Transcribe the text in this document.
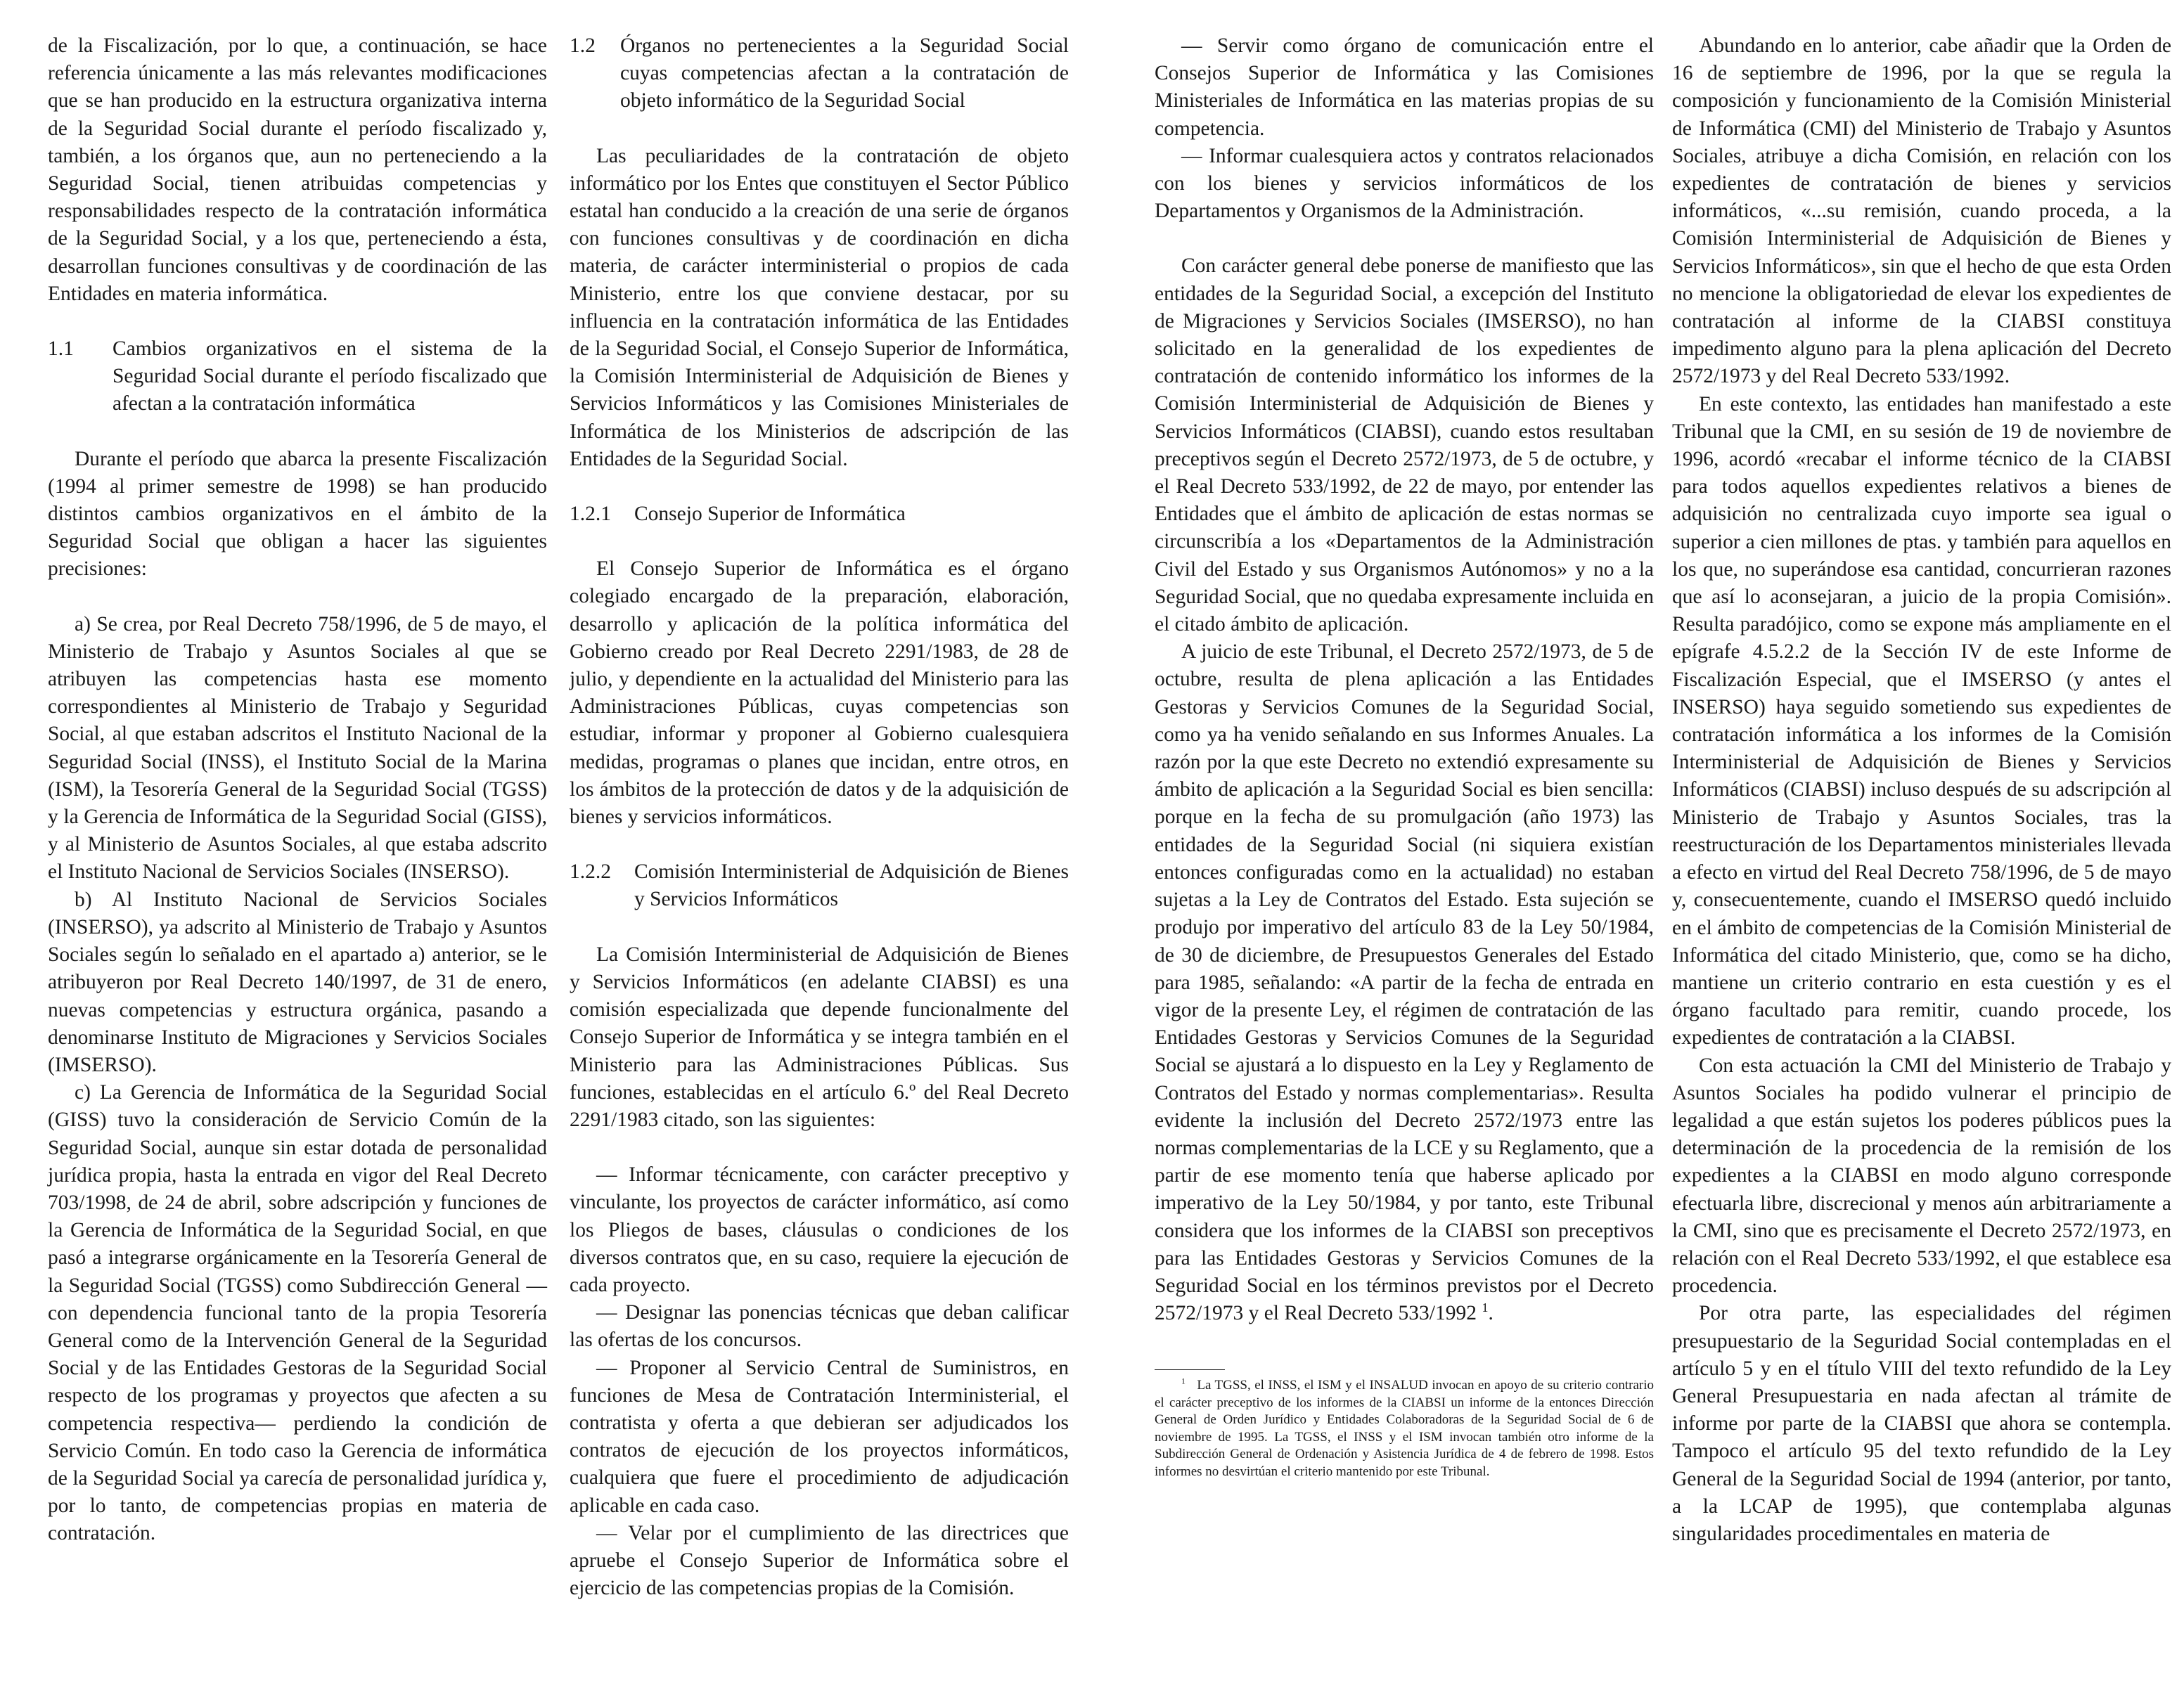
de la Fiscalización, por lo que, a continuación, se hace referencia únicamente a las más relevantes modificaciones que se han producido en la estructura organizativa interna de la Seguridad Social durante el período fiscalizado y, también, a los órganos que, aun no perteneciendo a la Seguridad Social, tienen atribuidas competencias y responsabilidades respecto de la contratación informática de la Seguridad Social, y a los que, perteneciendo a ésta, desarrollan funciones consultivas y de coordinación de las Entidades en materia informática.

1.1	Cambios organizativos en el sistema de la Seguridad Social durante el período fiscalizado que afectan a la contratación informática

Durante el período que abarca la presente Fiscalización (1994 al primer semestre de 1998) se han producido distintos cambios organizativos en el ámbito de la Seguridad Social que obligan a hacer las siguientes precisiones:

a) Se crea, por Real Decreto 758/1996, de 5 de mayo, el Ministerio de Trabajo y Asuntos Sociales al que se atribuyen las competencias hasta ese momento correspondientes al Ministerio de Trabajo y Seguridad Social, al que estaban adscritos el Instituto Nacional de la Seguridad Social (INSS), el Instituto Social de la Marina (ISM), la Tesorería General de la Seguridad Social (TGSS) y la Gerencia de Informática de la Seguridad Social (GISS), y al Ministerio de Asuntos Sociales, al que estaba adscrito el Instituto Nacional de Servicios Sociales (INSERSO).

b) Al Instituto Nacional de Servicios Sociales (INSERSO), ya adscrito al Ministerio de Trabajo y Asuntos Sociales según lo señalado en el apartado a) anterior, se le atribuyeron por Real Decreto 140/1997, de 31 de enero, nuevas competencias y estructura orgánica, pasando a denominarse Instituto de Migraciones y Servicios Sociales (IMSERSO).

c) La Gerencia de Informática de la Seguridad Social (GISS) tuvo la consideración de Servicio Común de la Seguridad Social, aunque sin estar dotada de personalidad jurídica propia, hasta la entrada en vigor del Real Decreto 703/1998, de 24 de abril, sobre adscripción y funciones de la Gerencia de Informática de la Seguridad Social, en que pasó a integrarse orgánicamente en la Tesorería General de la Seguridad Social (TGSS) como Subdirección General —con dependencia funcional tanto de la propia Tesorería General como de la Intervención General de la Seguridad Social y de las Entidades Gestoras de la Seguridad Social respecto de los programas y proyectos que afecten a su competencia respectiva— perdiendo la condición de Servicio Común. En todo caso la Gerencia de informática de la Seguridad Social ya carecía de personalidad jurídica y, por lo tanto, de competencias propias en materia de contratación.

1.2	Órganos no pertenecientes a la Seguridad Social cuyas competencias afectan a la contratación de objeto informático de la Seguridad Social

Las peculiaridades de la contratación de objeto informático por los Entes que constituyen el Sector Público estatal han conducido a la creación de una serie de órganos con funciones consultivas y de coordinación en dicha materia, de carácter interministerial o propios de cada Ministerio, entre los que conviene destacar, por su influencia en la contratación informática de las Entidades de la Seguridad Social, el Consejo Superior de Informática, la Comisión Interministerial de Adquisición de Bienes y Servicios Informáticos y las Comisiones Ministeriales de Informática de los Ministerios de adscripción de las Entidades de la Seguridad Social.

1.2.1	Consejo Superior de Informática

El Consejo Superior de Informática es el órgano colegiado encargado de la preparación, elaboración, desarrollo y aplicación de la política informática del Gobierno creado por Real Decreto 2291/1983, de 28 de julio, y dependiente en la actualidad del Ministerio para las Administraciones Públicas, cuyas competencias son estudiar, informar y proponer al Gobierno cualesquiera medidas, programas o planes que incidan, entre otros, en los ámbitos de la protección de datos y de la adquisición de bienes y servicios informáticos.

1.2.2	Comisión Interministerial de Adquisición de Bienes y Servicios Informáticos

La Comisión Interministerial de Adquisición de Bienes y Servicios Informáticos (en adelante CIABSI) es una comisión especializada que depende funcionalmente del Consejo Superior de Informática y se integra también en el Ministerio para las Administraciones Públicas. Sus funciones, establecidas en el artículo 6.º del Real Decreto 2291/1983 citado, son las siguientes:

— Informar técnicamente, con carácter preceptivo y vinculante, los proyectos de carácter informático, así como los Pliegos de bases, cláusulas o condiciones de los diversos contratos que, en su caso, requiere la ejecución de cada proyecto.

— Designar las ponencias técnicas que deban calificar las ofertas de los concursos.

— Proponer al Servicio Central de Suministros, en funciones de Mesa de Contratación Interministerial, el contratista y oferta a que debieran ser adjudicados los contratos de ejecución de los proyectos informáticos, cualquiera que fuere el procedimiento de adjudicación aplicable en cada caso.

— Velar por el cumplimiento de las directrices que apruebe el Consejo Superior de Informática sobre el ejercicio de las competencias propias de la Comisión.

— Servir como órgano de comunicación entre el Consejos Superior de Informática y las Comisiones Ministeriales de Informática en las materias propias de su competencia.

— Informar cualesquiera actos y contratos relacionados con los bienes y servicios informáticos de los Departamentos y Organismos de la Administración.

Con carácter general debe ponerse de manifiesto que las entidades de la Seguridad Social, a excepción del Instituto de Migraciones y Servicios Sociales (IMSERSO), no han solicitado en la generalidad de los expedientes de contratación de contenido informático los informes de la Comisión Interministerial de Adquisición de Bienes y Servicios Informáticos (CIABSI), cuando estos resultaban preceptivos según el Decreto 2572/1973, de 5 de octubre, y el Real Decreto 533/1992, de 22 de mayo, por entender las Entidades que el ámbito de aplicación de estas normas se circunscribía a los «Departamentos de la Administración Civil del Estado y sus Organismos Autónomos» y no a la Seguridad Social, que no quedaba expresamente incluida en el citado ámbito de aplicación.

A juicio de este Tribunal, el Decreto 2572/1973, de 5 de octubre, resulta de plena aplicación a las Entidades Gestoras y Servicios Comunes de la Seguridad Social, como ya ha venido señalando en sus Informes Anuales. La razón por la que este Decreto no extendió expresamente su ámbito de aplicación a la Seguridad Social es bien sencilla: porque en la fecha de su promulgación (año 1973) las entidades de la Seguridad Social (ni siquiera existían entonces configuradas como en la actualidad) no estaban sujetas a la Ley de Contratos del Estado. Esta sujeción se produjo por imperativo del artículo 83 de la Ley 50/1984, de 30 de diciembre, de Presupuestos Generales del Estado para 1985, señalando: «A partir de la fecha de entrada en vigor de la presente Ley, el régimen de contratación de las Entidades Gestoras y Servicios Comunes de la Seguridad Social se ajustará a lo dispuesto en la Ley y Reglamento de Contratos del Estado y normas complementarias». Resulta evidente la inclusión del Decreto 2572/1973 entre las normas complementarias de la LCE y su Reglamento, que a partir de ese momento tenía que haberse aplicado por imperativo de la Ley 50/1984, y por tanto, este Tribunal considera que los informes de la CIABSI son preceptivos para las Entidades Gestoras y Servicios Comunes de la Seguridad Social en los términos previstos por el Decreto 2572/1973 y el Real Decreto 533/1992 $^1$.

$^1$ La TGSS, el INSS, el ISM y el INSALUD invocan en apoyo de su criterio contrario el carácter preceptivo de los informes de la CIABSI un informe de la entonces Dirección General de Orden Jurídico y Entidades Colaboradoras de la Seguridad Social de 6 de noviembre de 1995. La TGSS, el INSS y el ISM invocan también otro informe de la Subdirección General de Ordenación y Asistencia Jurídica de 4 de febrero de 1998. Estos informes no desvirtúan el criterio mantenido por este Tribunal.

Abundando en lo anterior, cabe añadir que la Orden de 16 de septiembre de 1996, por la que se regula la composición y funcionamiento de la Comisión Ministerial de Informática (CMI) del Ministerio de Trabajo y Asuntos Sociales, atribuye a dicha Comisión, en relación con los expedientes de contratación de bienes y servicios informáticos, «...su remisión, cuando proceda, a la Comisión Interministerial de Adquisición de Bienes y Servicios Informáticos», sin que el hecho de que esta Orden no mencione la obligatoriedad de elevar los expedientes de contratación al informe de la CIABSI constituya impedimento alguno para la plena aplicación del Decreto 2572/1973 y del Real Decreto 533/1992.

En este contexto, las entidades han manifestado a este Tribunal que la CMI, en su sesión de 19 de noviembre de 1996, acordó «recabar el informe técnico de la CIABSI para todos aquellos expedientes relativos a bienes de adquisición no centralizada cuyo importe sea igual o superior a cien millones de ptas. y también para aquellos en los que, no superándose esa cantidad, concurrieran razones que así lo aconsejaran, a juicio de la propia Comisión». Resulta paradójico, como se expone más ampliamente en el epígrafe 4.5.2.2 de la Sección IV de este Informe de Fiscalización Especial, que el IMSERSO (y antes el INSERSO) haya seguido sometiendo sus expedientes de contratación informática a los informes de la Comisión Interministerial de Adquisición de Bienes y Servicios Informáticos (CIABSI) incluso después de su adscripción al Ministerio de Trabajo y Asuntos Sociales, tras la reestructuración de los Departamentos ministeriales llevada a efecto en virtud del Real Decreto 758/1996, de 5 de mayo y, consecuentemente, cuando el IMSERSO quedó incluido en el ámbito de competencias de la Comisión Ministerial de Informática del citado Ministerio, que, como se ha dicho, mantiene un criterio contrario en esta cuestión y es el órgano facultado para remitir, cuando procede, los expedientes de contratación a la CIABSI.

Con esta actuación la CMI del Ministerio de Trabajo y Asuntos Sociales ha podido vulnerar el principio de legalidad a que están sujetos los poderes públicos pues la determinación de la procedencia de la remisión de los expedientes a la CIABSI en modo alguno corresponde efectuarla libre, discrecional y menos aún arbitrariamente a la CMI, sino que es precisamente el Decreto 2572/1973, en relación con el Real Decreto 533/1992, el que establece esa procedencia.

Por otra parte, las especialidades del régimen presupuestario de la Seguridad Social contempladas en el artículo 5 y en el título VIII del texto refundido de la Ley General Presupuestaria en nada afectan al trámite de informe por parte de la CIABSI que ahora se contempla. Tampoco el artículo 95 del texto refundido de la Ley General de la Seguridad Social de 1994 (anterior, por tanto, a la LCAP de 1995), que contemplaba algunas singularidades procedimentales en materia de
